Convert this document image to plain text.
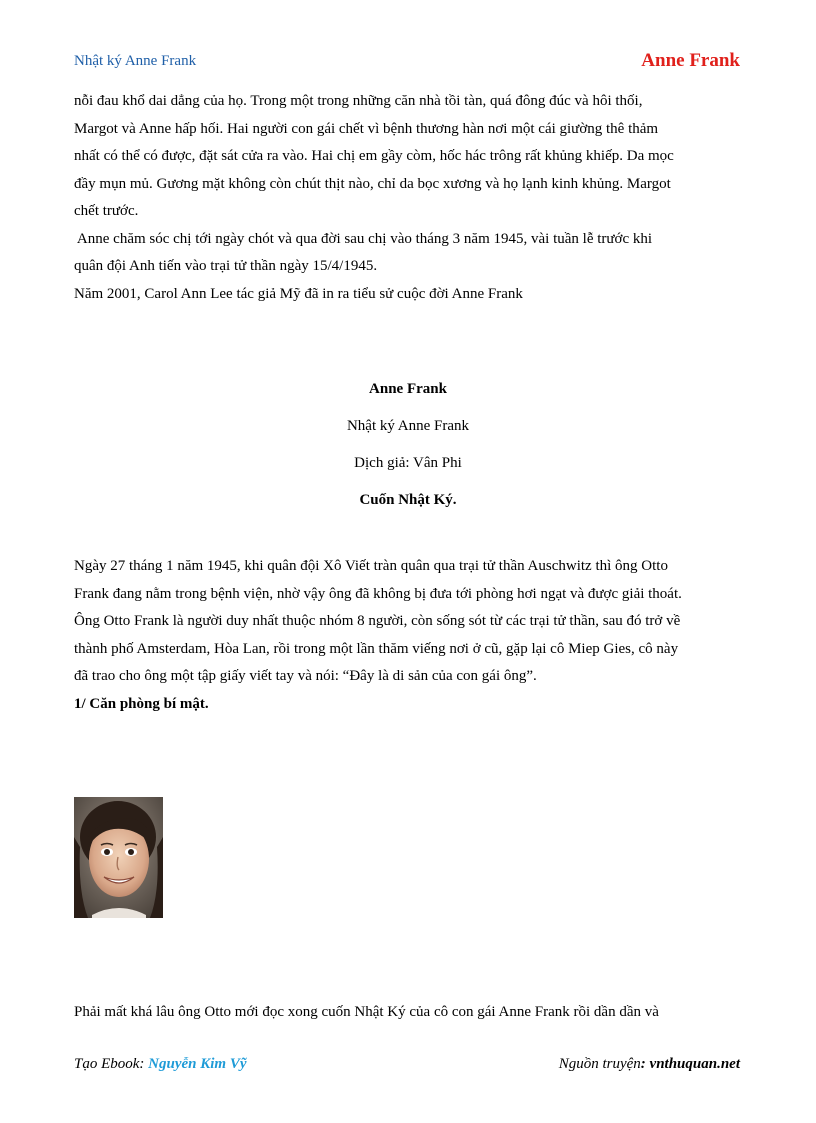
Nhật ký Anne Frank	Anne Frank
nỗi đau khổ dai dẳng của họ. Trong một trong những căn nhà tồi tàn, quá đông đúc và hôi thối,
Margot và Anne hấp hối. Hai người con gái chết vì bệnh thương hàn nơi một cái giường thê thảm
nhất có thể có được, đặt sát cửa ra vào. Hai chị em gầy còm, hốc hác trông rất khủng khiếp. Da mọc
đầy mụn mủ. Gương mặt không còn chút thịt nào, chỉ da bọc xương và họ lạnh kinh khủng. Margot
chết trước.
Anne chăm sóc chị tới ngày chót và qua đời sau chị vào tháng 3 năm 1945, vài tuần lễ trước khi
quân đội Anh tiến vào trại tử thần ngày 15/4/1945.
Năm 2001, Carol Ann Lee tác giả Mỹ đã in ra tiểu sử cuộc đời Anne Frank
Anne Frank
Nhật ký Anne Frank
Dịch giả: Vân Phi
Cuốn Nhật Ký.
Ngày 27 tháng 1 năm 1945, khi quân đội Xô Viết tràn quân qua trại tử thần Auschwitz thì ông Otto
Frank đang nằm trong bệnh viện, nhờ vậy ông đã không bị đưa tới phòng hơi ngạt và được giải thoát.
Ông Otto Frank là người duy nhất thuộc nhóm 8 người, còn sống sót từ các trại tử thần, sau đó trở về
thành phố Amsterdam, Hòa Lan, rồi trong một lần thăm viếng nơi ở cũ, gặp lại cô Miep Gies, cô này
đã trao cho ông một tập giấy viết tay và nói: “Đây là di sản của con gái ông”.
1/ Căn phòng bí mật.
Phải mất khá lâu ông Otto mới đọc xong cuốn Nhật Ký của cô con gái Anne Frank rồi dần dần và
Tạo Ebook: Nguyễn Kim Vỹ	Nguồn truyện: vnthuquan.net
